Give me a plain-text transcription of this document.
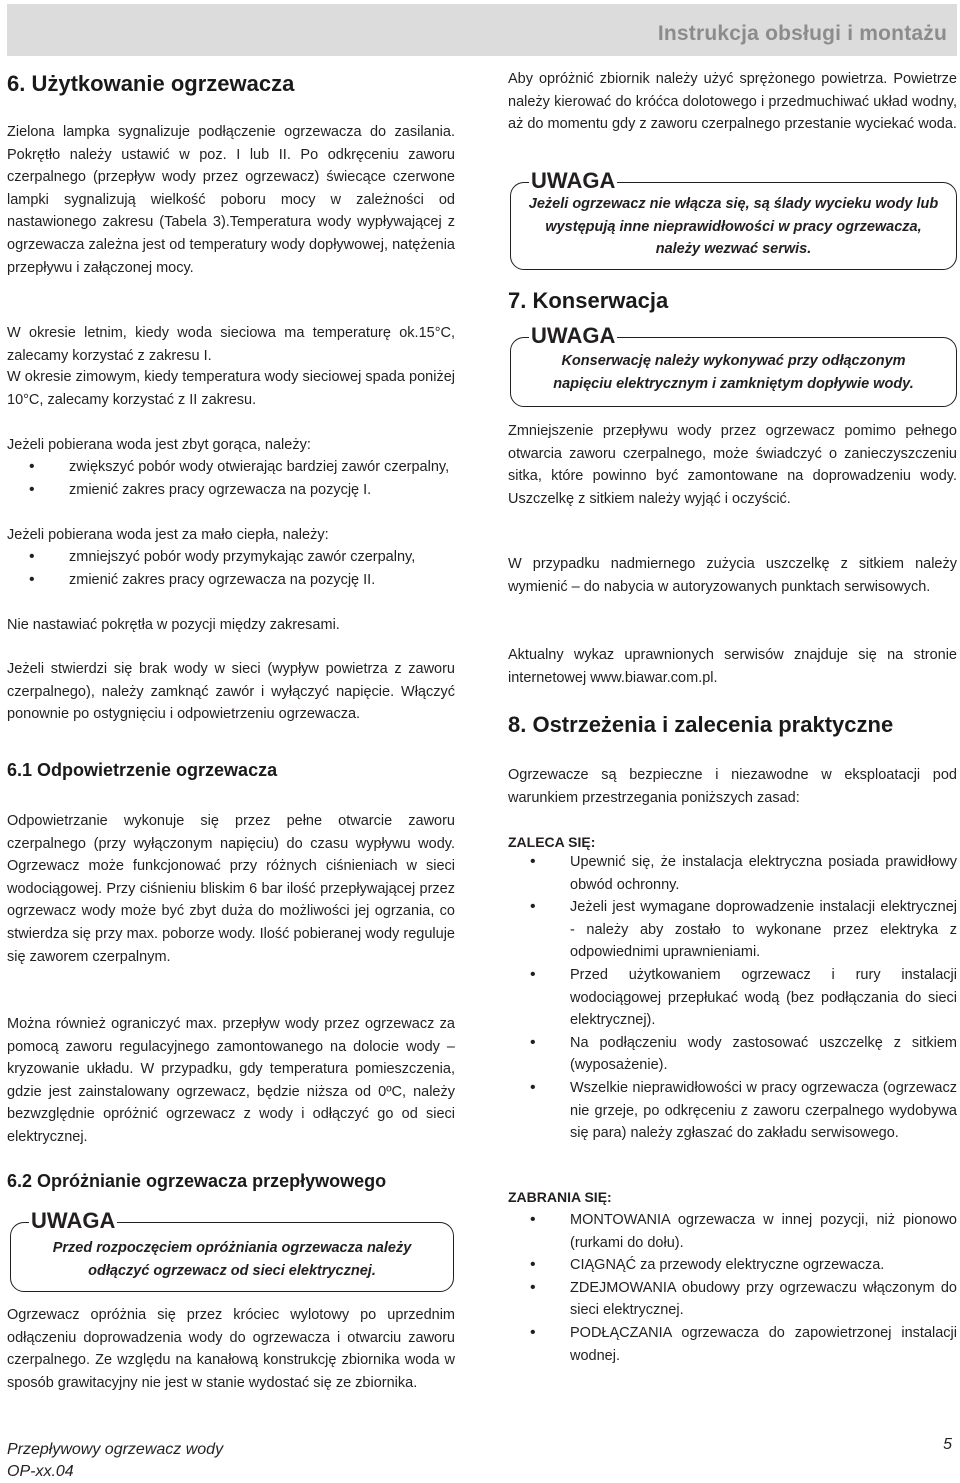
Instrukcja obsługi i montażu
6. Użytkowanie ogrzewacza

Zielona lampka sygnalizuje podłączenie ogrzewacza do zasilania. Pokrętło należy ustawić w poz. I lub II. Po odkręceniu zaworu czerpalnego (przepływ wody przez ogrzewacz) świecące czerwone lampki sygnalizują wielkość poboru mocy w zależności od nastawionego zakresu (Tabela 3).Temperatura wody wypływającej z ogrzewacza zależna jest od temperatury wody dopływowej, natężenia przepływu i załączonej mocy.

W okresie letnim, kiedy woda sieciowa ma temperaturę ok.15°C, zalecamy korzystać z zakresu I.

W okresie zimowym, kiedy temperatura wody sieciowej spada poniżej 10°C, zalecamy korzystać z II zakresu.

Jeżeli pobierana woda jest zbyt gorąca, należy:

• zwiększyć pobór wody otwierając bardziej zawór czerpalny,
• zmienić zakres pracy ogrzewacza na pozycję I.

Jeżeli pobierana woda jest za mało ciepła, należy:

• zmniejszyć pobór wody przymykając zawór czerpalny,
• zmienić zakres pracy ogrzewacza na pozycję II.

Nie nastawiać pokrętła w pozycji między zakresami.

Jeżeli stwierdzi się brak wody w sieci (wypływ powietrza z zaworu czerpalnego), należy zamknąć zawór i wyłączyć napięcie. Włączyć ponownie po ostygnięciu i odpowietrzeniu ogrzewacza.

6.1 Odpowietrzenie ogrzewacza

Odpowietrzanie wykonuje się przez pełne otwarcie zaworu czerpalnego (przy wyłączonym napięciu) do czasu wypływu wody. Ogrzewacz może funkcjonować przy różnych ciśnieniach w sieci wodociągowej. Przy ciśnieniu bliskim 6 bar ilość przepływającej przez ogrzewacz wody może być zbyt duża do możliwości jej ogrzania, co stwierdza się przy max. poborze wody. Ilość pobieranej wody reguluje się zaworem czerpalnym.

Można również ograniczyć max. przepływ wody przez ogrzewacz za pomocą zaworu regulacyjnego zamontowanego na dolocie wody – kryzowanie układu. W przypadku, gdy temperatura pomieszczenia, gdzie jest zainstalowany ogrzewacz, będzie niższa od 0ºC, należy bezwzględnie opróżnić ogrzewacz z wody i odłączyć go od sieci elektrycznej.

6.2 Opróżnianie ogrzewacza przepływowego
UWAGA
Przed rozpoczęciem opróżniania ogrzewacza należy odłączyć ogrzewacz od sieci elektrycznej.

Ogrzewacz opróżnia się przez króciec wylotowy po uprzednim odłączeniu doprowadzenia wody do ogrzewacza i otwarciu zaworu czerpalnego. Ze względu na kanałową konstrukcję zbiornika woda w sposób grawitacyjny nie jest w stanie wydostać się ze zbiornika.

Aby opróżnić zbiornik należy użyć sprężonego powietrza. Powietrze należy kierować do króćca dolotowego i przedmuchiwać układ wodny, aż do momentu gdy z zaworu czerpalnego przestanie wyciekać woda.

UWAGA
Jeżeli ogrzewacz nie włącza się, są ślady wycieku wody lub występują inne nieprawidłowości w pracy ogrzewacza, należy wezwać serwis.
7. Konserwacja
UWAGA
Konserwację należy wykonywać przy odłączonym napięciu elektrycznym i zamkniętym dopływie wody.

Zmniejszenie przepływu wody przez ogrzewacz pomimo pełnego otwarcia zaworu czerpalnego, może świadczyć o zanieczyszczeniu sitka, które powinno być zamontowane na doprowadzeniu wody. Uszczelkę z sitkiem należy wyjąć i oczyścić.

W przypadku nadmiernego zużycia uszczelkę z sitkiem należy wymienić – do nabycia w autoryzowanych punktach serwisowych.

Aktualny wykaz uprawnionych serwisów znajduje się na stronie internetowej www.biawar.com.pl.

8. Ostrzeżenia i zalecenia praktyczne

Ogrzewacze są bezpieczne i niezawodne w eksploatacji pod warunkiem przestrzegania poniższych zasad:

ZALECA SIĘ:
• Upewnić się, że instalacja elektryczna posiada prawidłowy obwód ochronny.
• Jeżeli jest wymagane doprowadzenie instalacji elektrycznej - należy aby zostało to wykonane przez elektryka z odpowiednimi uprawnieniami.
• Przed użytkowaniem ogrzewacz i rury instalacji wodociągowej przepłukać wodą (bez podłączania do sieci elektrycznej).
• Na podłączeniu wody zastosować uszczelkę z sitkiem (wyposażenie).
• Wszelkie nieprawidłowości w pracy ogrzewacza (ogrzewacz nie grzeje, po odkręceniu z zaworu czerpalnego wydobywa się para) należy zgłaszać do zakładu serwisowego.
ZABRANIA SIĘ:
• MONTOWANIA ogrzewacza w innej pozycji, niż pionowo (rurkami do dołu).
• CIĄGNĄĆ za przewody elektryczne ogrzewacza.
• ZDEJMOWANIA obudowy przy ogrzewaczu włączonym do sieci elektrycznej.
• PODŁĄCZANIA ogrzewacza do zapowietrzonej instalacji wodnej.
Przepływowy ogrzewacz wody
OP-xx.04
5
